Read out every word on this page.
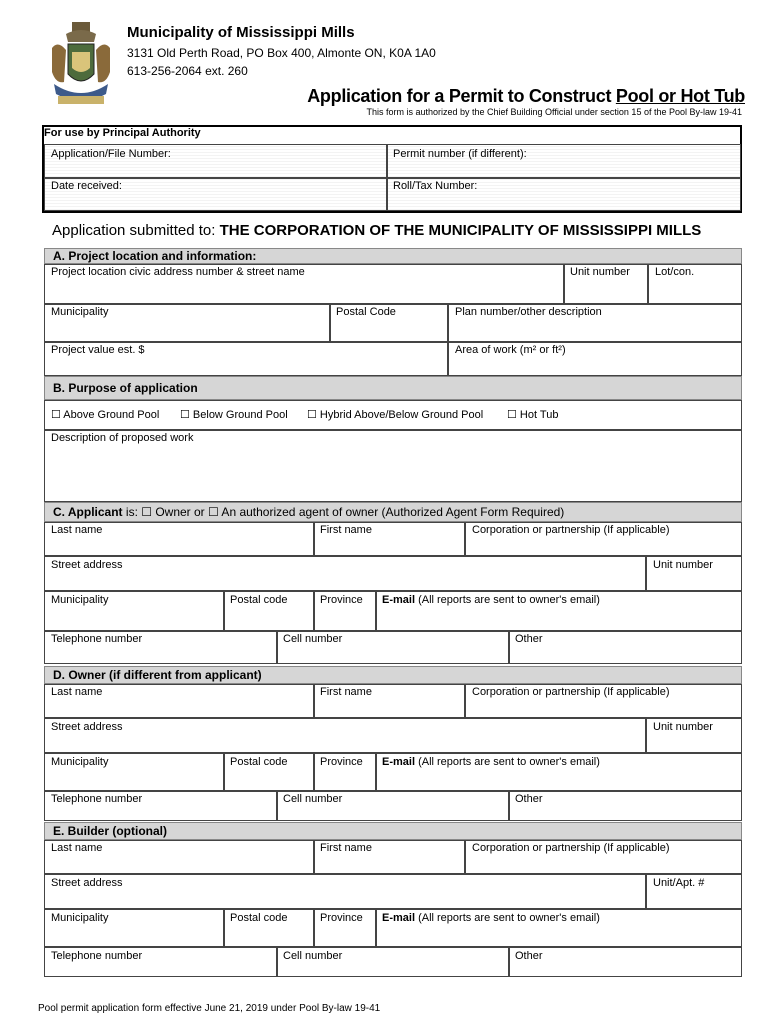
Municipality of Mississippi Mills
3131 Old Perth Road, PO Box 400, Almonte ON, K0A 1A0
613-256-2064 ext. 260
Application for a Permit to Construct Pool or Hot Tub
This form is authorized by the Chief Building Official under section 15 of the Pool By-law 19-41
For use by Principal Authority
Application/File Number:	Permit number (if different):
Date received:	Roll/Tax Number:
Application submitted to: THE CORPORATION OF THE MUNICIPALITY OF MISSISSIPPI MILLS
A. Project location and information:
Project location civic address number & street name	Unit number Lot/con.
Municipality	Postal Code	Plan number/other description
Project value est. $	Area of work (m² or ft²)
B. Purpose of application
☐ Above Ground Pool ☐ Below Ground Pool ☐ Hybrid Above/Below Ground Pool ☐ Hot Tub
Description of proposed work
C. Applicant is: ☐ Owner or ☐ An authorized agent of owner (Authorized Agent Form Required)
Last name	First name	Corporation or partnership (If applicable)
Street address	Unit number
Municipality	Postal code	Province E-mail (All reports are sent to owner's email)
Telephone number	Cell number	Other
D. Owner (if different from applicant)
Last name	First name	Corporation or partnership (If applicable)
Street address	Unit number
Municipality	Postal code	Province E-mail (All reports are sent to owner's email)
Telephone number	Cell number	Other
E. Builder (optional)
Last name	First name	Corporation or partnership (If applicable)
Street address	Unit/Apt. #
Municipality	Postal code	Province E-mail (All reports are sent to owner's email)
Telephone number	Cell number	Other
Pool permit application form effective June 21, 2019 under Pool By-law 19-41
